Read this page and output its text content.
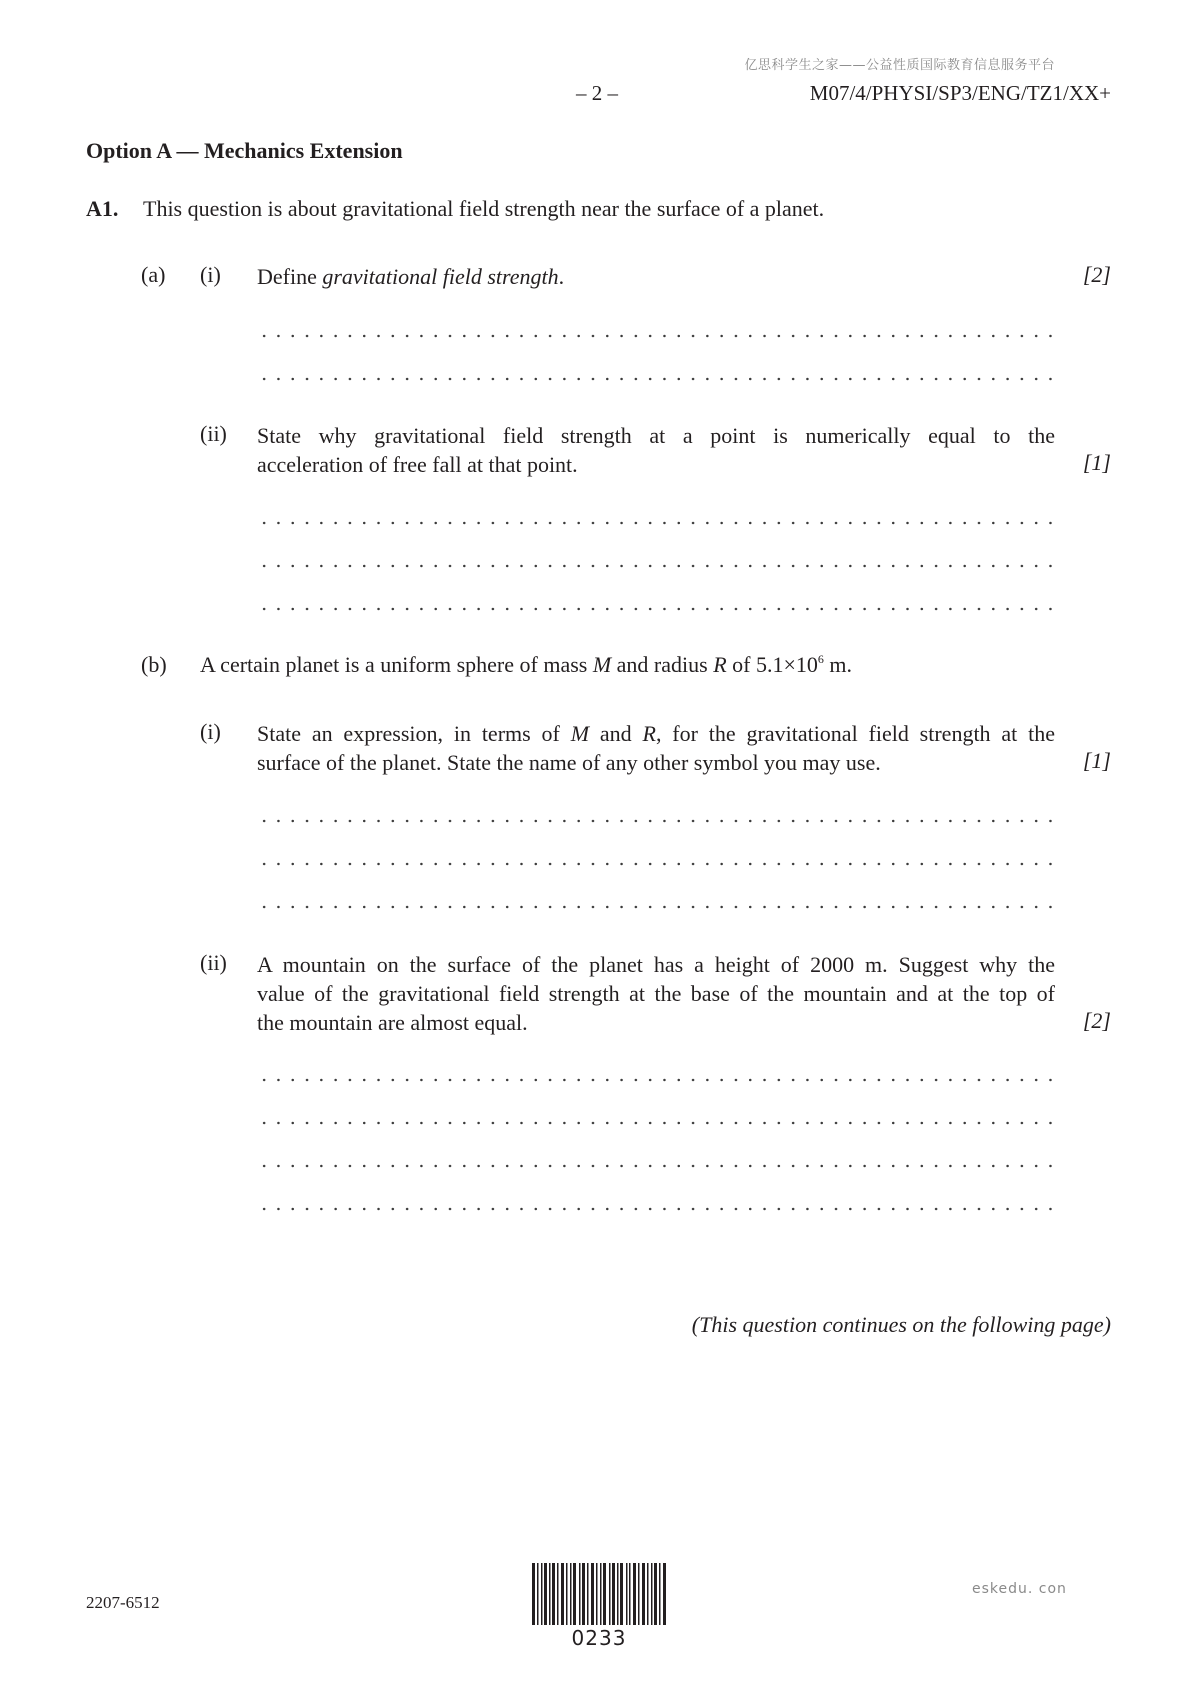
亿思科学生之家——公益性质国际教育信息服务平台
– 2 –	M07/4/PHYSI/SP3/ENG/TZ1/XX+
Option A — Mechanics Extension
A1. This question is about gravitational field strength near the surface of a planet.
(a) (i) Define gravitational field strength.	[2]
(ii) State why gravitational field strength at a point is numerically equal to the
acceleration of free fall at that point.	[1]
(b) A certain planet is a uniform sphere of mass M and radius R of $5.1\times 10^6$ m.
(i) State an expression, in terms of M and R, for the gravitational field strength at the
surface of the planet. State the name of any other symbol you may use.	[1]
(ii) A mountain on the surface of the planet has a height of 2000 m. Suggest why the
value of the gravitational field strength at the base of the mountain and at the top of
the mountain are almost equal.	[2]
(This question continues on the following page)
2207-6512
0233
eskedu. con
